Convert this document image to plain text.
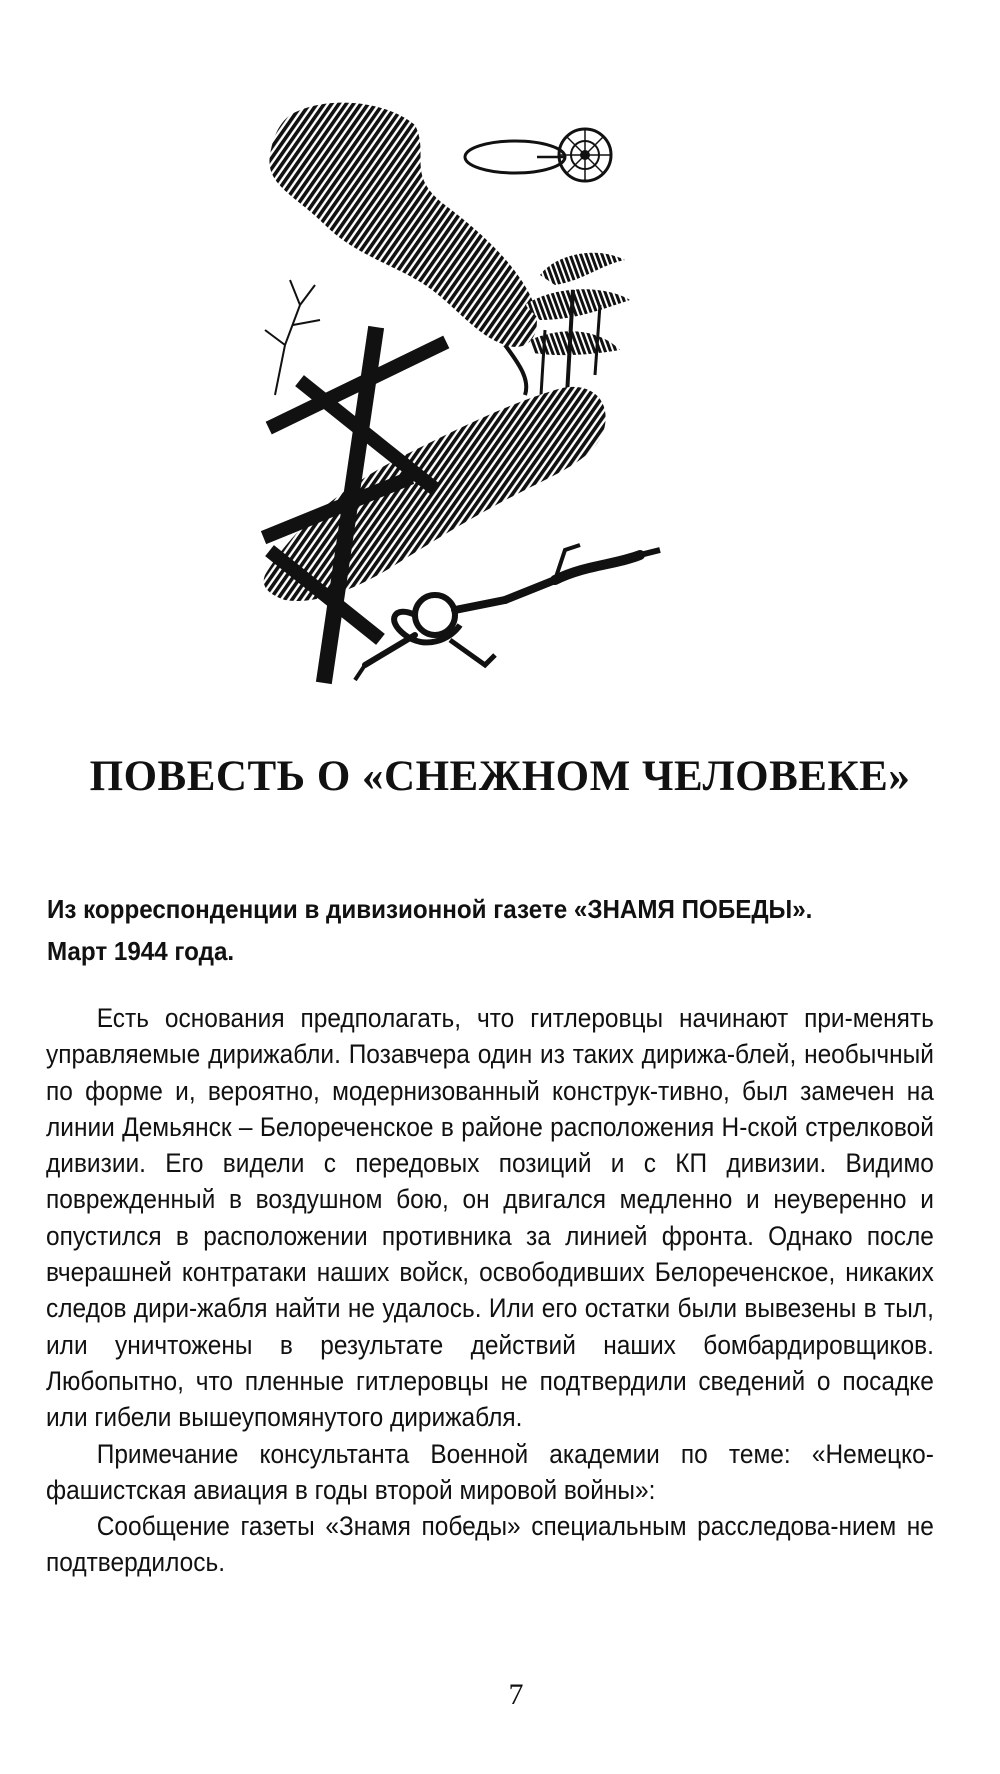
ПОВЕСТЬ О «СНЕЖНОМ ЧЕЛОВЕКЕ»
Из корреспонденции в дивизионной газете «ЗНАМЯ ПОБЕДЫ».
Март 1944 года.

Есть основания предполагать, что гитлеровцы начинают при-менять управляемые дирижабли. Позавчера один из таких дирижа-блей, необычный по форме и, вероятно, модернизованный конструк-тивно, был замечен на линии Демьянск – Белореченское в районе расположения Н-ской стрелковой дивизии. Его видели с передовых позиций и с КП дивизии. Видимо поврежденный в воздушном бою, он двигался медленно и неуверенно и опустился в расположении противника за линией фронта. Однако после вчерашней контратаки наших войск, освободивших Белореченское, никаких следов дири-жабля найти не удалось. Или его остатки были вывезены в тыл, или уничтожены в результате действий наших бомбардировщиков. Любопытно, что пленные гитлеровцы не подтвердили сведений о посадке или гибели вышеупомянутого дирижабля.

Примечание консультанта Военной академии по теме: «Немецко-фашистская авиация в годы второй мировой войны»:

Сообщение газеты «Знамя победы» специальным расследова-нием не подтвердилось.

7
